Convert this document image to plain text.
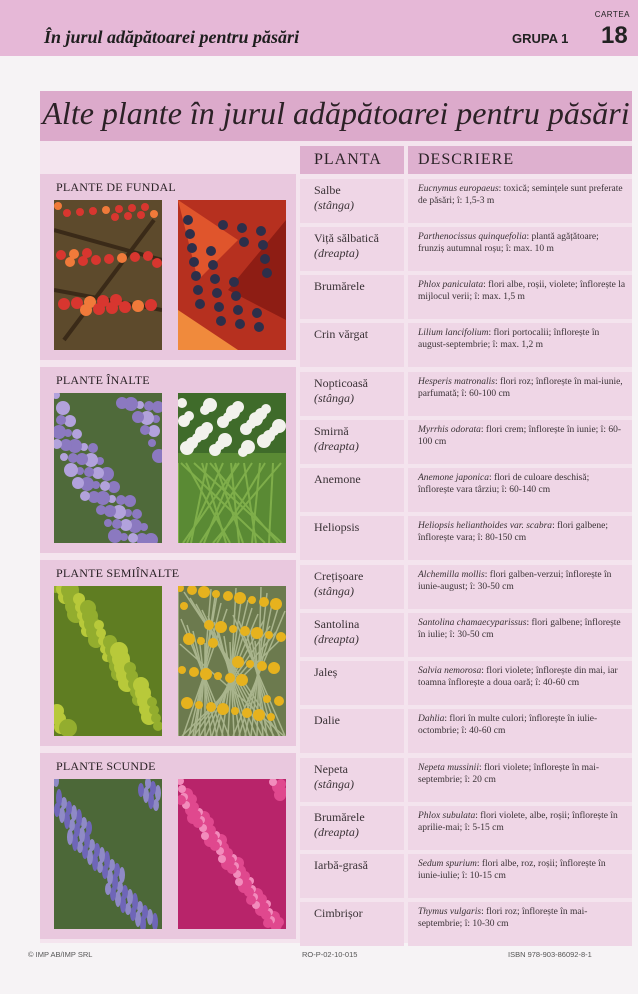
În jurul adăpătoarei pentru păsări
CARTEA
GRUPA 1 18
Alte plante în jurul adăpătoarei pentru păsări
PLANTA DESCRIERE
PLANTE DE FUNDAL	Salbe
(stânga)
Eucnymus europaeus: toxică; semințele sunt preferate de păsări; î: 1,5-3 m
Viță sălbatică
(dreapta)
Parthenocissus quinquefolia: plantă agățătoare; frunziș autumnal roșu; î: max. 10 m
Brumărele	Phlox paniculata: flori albe, roșii, violete; înflorește la mijlocul verii; î: max. 1,5 m
Crin vărgat	Lilium lancifolium: flori portocalii; înflorește în august-septembrie; î: max. 1,2 m
PLANTE ÎNALTE	Nopticoasă
(stânga)
Hesperis matronalis: flori roz; înflorește în mai-iunie, parfumată; î: 60-100 cm
Smirnă
(dreapta)
Myrrhis odorata: flori crem; înflorește în iunie; î: 60-100 cm
Anemone	Anemone japonica: flori de culoare deschisă; înflorește vara târziu; î: 60-140 cm
Heliopsis	Heliopsis helianthoides var. scabra: flori galbene; înflorește vara; î: 80-150 cm
PLANTE SEMIÎNALTE	Crețișoare
(stânga)
Alchemilla mollis: flori galben-verzui; înflorește în iunie-august; î: 30-50 cm
Santolina
(dreapta)
Santolina chamaecyparissus: flori galbene; înflorește în iulie; î: 30-50 cm
Jaleș	Salvia nemorosa: flori violete; înflorește din mai, iar toamna înflorește a doua oară; î: 40-60 cm
Dalie	Dahlia: flori în multe culori; înflorește în iulie-octombrie; î: 40-60 cm
PLANTE SCUNDE	Nepeta
(stânga)
Nepeta mussinii: flori violete; înflorește în mai-septembrie; î: 20 cm
Brumărele
(dreapta)
Phlox subulata: flori violete, albe, roșii; înflorește în aprilie-mai; î: 5-15 cm
Iarbă-grasă	Sedum spurium: flori albe, roz, roșii; înflorește în iunie-iulie; î: 10-15 cm
Cimbrișor	Thymus vulgaris: flori roz; înflorește în mai-septembrie; î: 10-30 cm
© IMP AB/IMP SRL	RO-P-02-10-015	ISBN 978-903-86092-8-1
